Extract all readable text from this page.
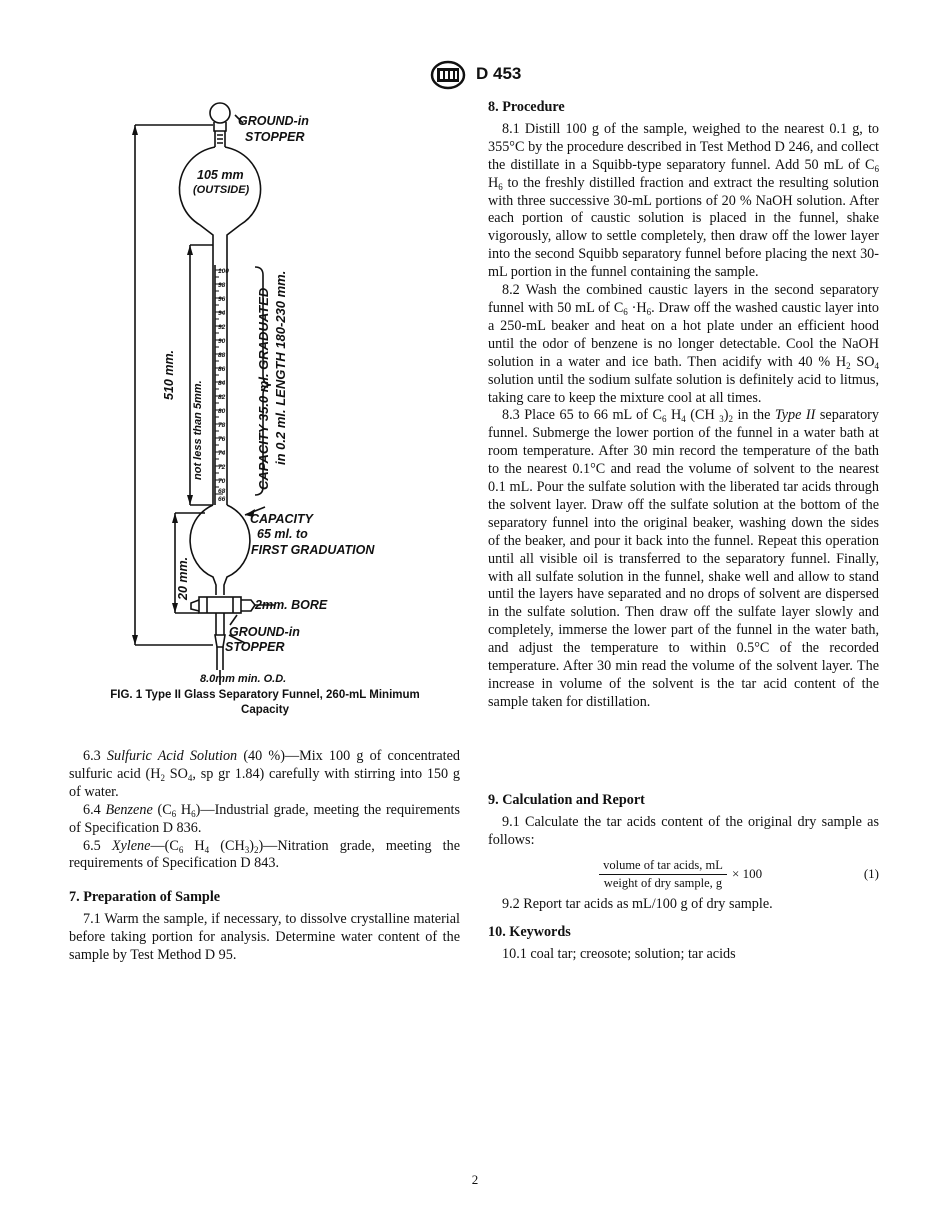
D 453
100
98
96
94
92
90
88
86
84
82
80
78
76
74
72
70
68
66
GROUND-in
STOPPER
105 mm
(OUTSIDE)
510 mm.
not less than 5mm.	CAPACITY 35.0 ml. GRADUATED in 0.2 ml. LENGTH 180-230 mm.
CAPACITY
65 ml. to
FIRST GRADUATION
20 mm.
2mm. BORE
GROUND-in
STOPPER
8.0mm min. O.D.
FIG. 1 Type II Glass Separatory Funnel, 260-mL Minimum
Capacity

6.3 Sulfuric Acid Solution (40 %)—Mix 100 g of concentrated sulfuric acid ($H_2$ $SO_4$, sp gr 1.84) carefully with stirring into 150 g of water.

6.4 Benzene ($C_6$ $H_6)—Industrial$ grade, meeting the requirements of Specification D 836.

6.5 $Xylene—(C_6$ $H_4$ $(CH_3)_2)—Nitration$ grade, meeting the requirements of Specification D 843.

7. Preparation of Sample

7.1 Warm the sample, if necessary, to dissolve crystalline material before taking portion for analysis. Determine water content of the sample by Test Method D 95.

8. Procedure

8.1 Distill 100 g of the sample, weighed to the nearest 0.1 g, to 355°C by the procedure described in Test Method D 246, and collect the distillate in a Squibb-type separatory funnel. Add 50 mL of $C_6$ $H_6$ to the freshly distilled fraction and extract the resulting solution with three successive 30-mL portions of 20 % NaOH solution. After each portion of caustic solution is placed in the funnel, shake vigorously, allow to settle completely, then draw off the lower layer into the second Squibb separatory funnel before placing the next 30-mL portion in the funnel containing the sample.

8.2 Wash the combined caustic layers in the second separatory funnel with 50 mL of $C_6 \cdot H_6$. Draw off the washed caustic layer into a 250-mL beaker and heat on a hot plate under an efficient hood until the odor of benzene is no longer detectable. Cool the NaOH solution in a water and ice bath. Then acidify with 40 % $H_2$ $SO_4$ solution until the sodium sulfate solution is definitely acid to litmus, taking care to keep the mixture cool at all times.

8.3 Place 65 to 66 mL of $C_6$ $H_4$ (CH $_3)_2$ in the Type II separatory funnel. Submerge the lower portion of the funnel in a water bath at room temperature. After 30 min record the temperature of the bath to the nearest 0.1°C and read the volume of solvent to the nearest 0.1 mL. Pour the sulfate solution with the liberated tar acids through the solvent layer. Draw off the sulfate solution at the bottom of the separatory funnel into the original beaker, washing down the sides of the beaker, and pour it back into the funnel. Repeat this operation until all visible oil is transferred to the separatory funnel. Finally, with all sulfate solution in the funnel, shake well and allow to stand until the layers have separated and no drops of solvent are dispersed in the sulfate solution. Then draw off the sulfate layer slowly and completely, immerse the lower part of the funnel in the water bath, and adjust the temperature to within 0.5°C of the recorded temperature. After 30 min read the volume of the solvent layer. The increase in volume of the solvent is the tar acid content of the sample taken for distillation.

9. Calculation and Report

9.1 Calculate the tar acids content of the original dry sample as follows:

volume of tar acids, mL
weight of dry sample, g
× 100	(1)

9.2 Report tar acids as mL/100 g of dry sample.

10. Keywords

10.1 coal tar; creosote; solution; tar acids

2
